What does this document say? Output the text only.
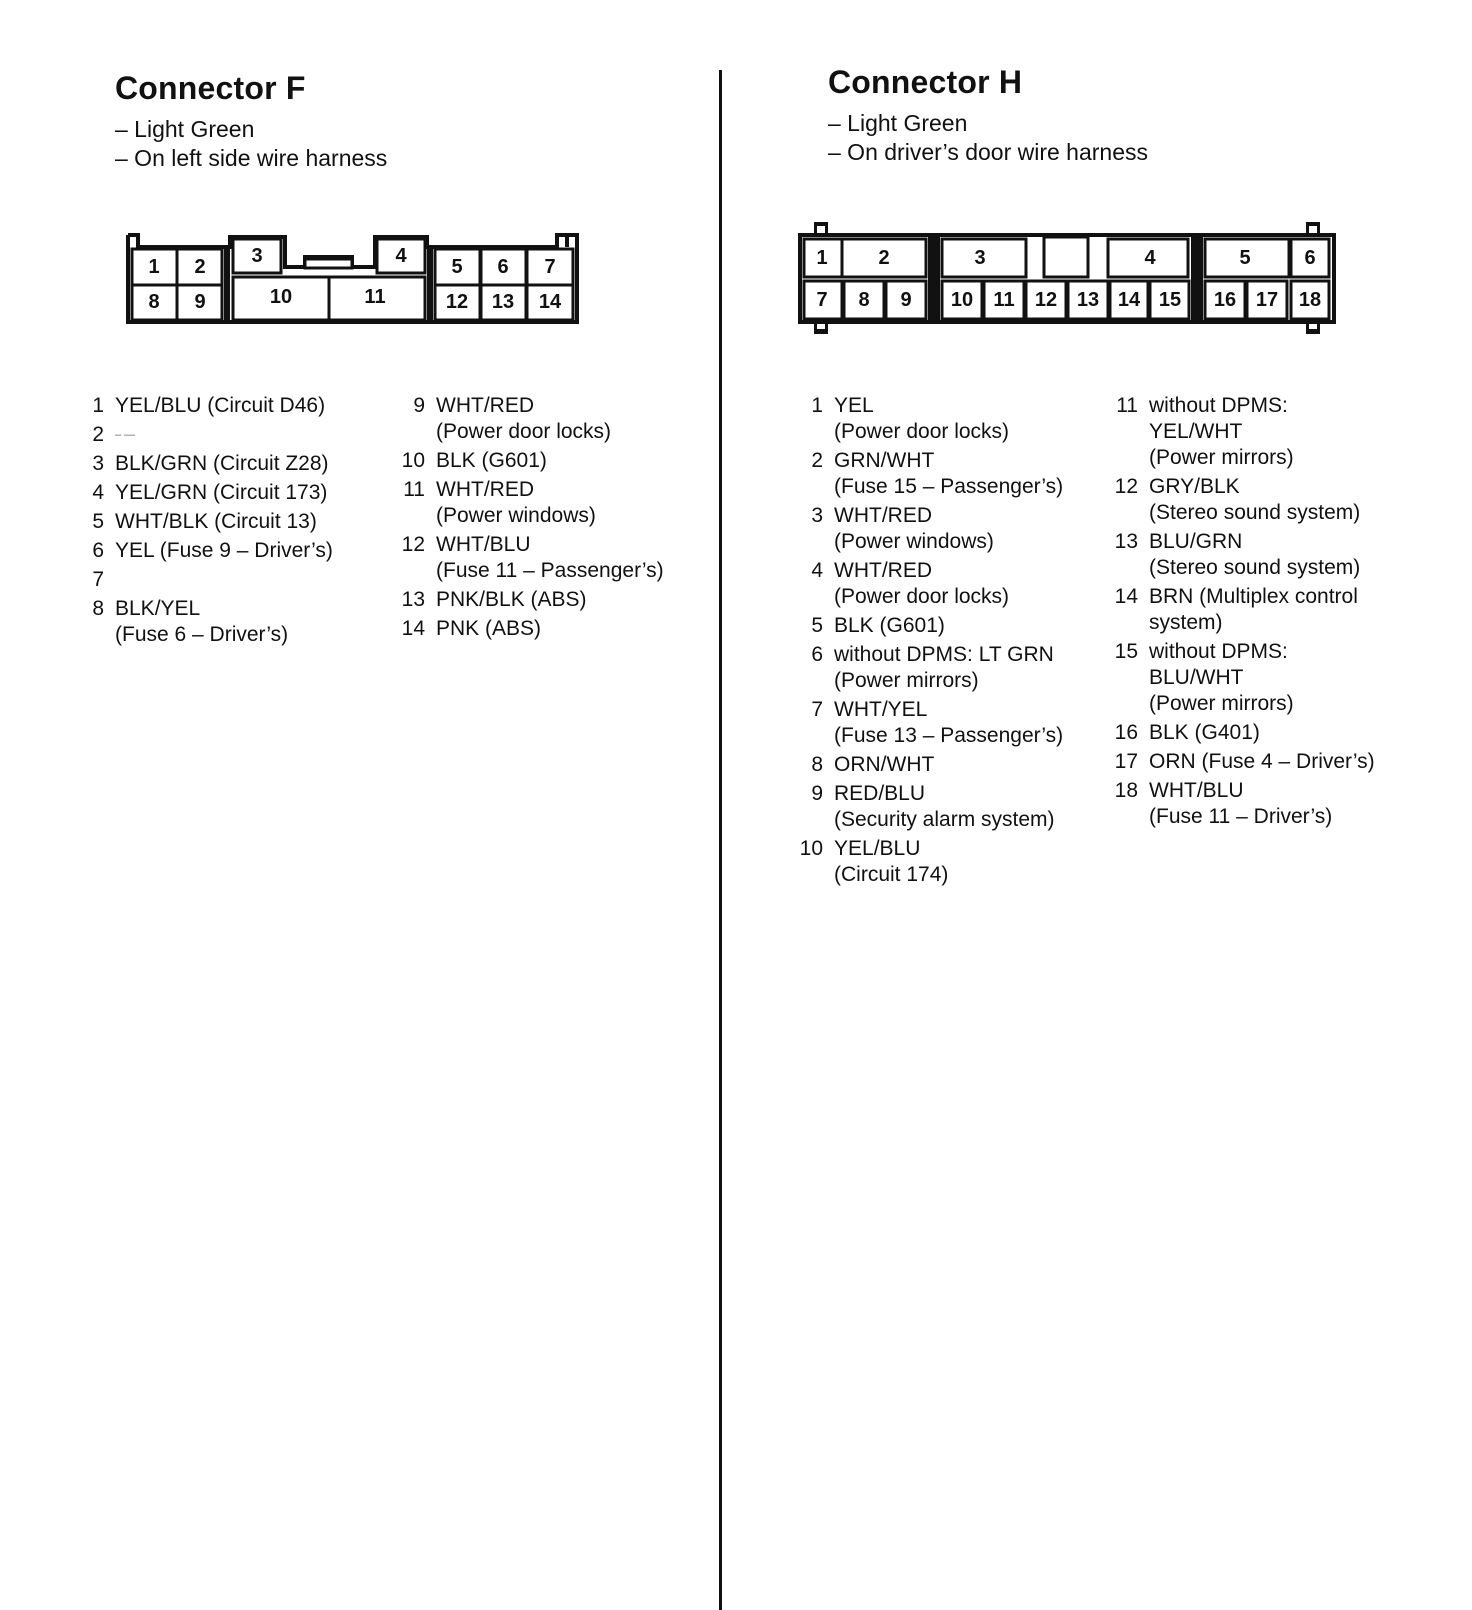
Connector F
– Light Green
– On left side wire harness
1 2 3	4 5 6 7
8 9	10	11	12 13 14
1 YEL/BLU (Circuit D46)
2	– —
3 BLK/GRN (Circuit Z28)
4 YEL/GRN (Circuit 173)
5 WHT/BLK (Circuit 13)
6 YEL (Fuse 9 – Driver’s)
7
8 BLK/YEL
(Fuse 6 – Driver’s)
9 WHT/RED
(Power door locks)
10 BLK (G601)
11 WHT/RED
(Power windows)
12 WHT/BLU
(Fuse 11 – Passenger’s)
13 PNK/BLK (ABS)
14 PNK (ABS)
Connector H
– Light Green
– On driver’s door wire harness
1	2	3	4	5	6
7 8 9 10 11 12 13 14 15 16 17 18
1 YEL
(Power door locks)
2 GRN/WHT
(Fuse 15 – Passenger’s)
3 WHT/RED
(Power windows)
4 WHT/RED
(Power door locks)
5 BLK (G601)
6 without DPMS: LT GRN
(Power mirrors)
7 WHT/YEL
(Fuse 13 – Passenger’s)
8 ORN/WHT
9 RED/BLU
(Security alarm system)
10 YEL/BLU
(Circuit 174)
11 without DPMS:
YEL/WHT
(Power mirrors)
12 GRY/BLK
(Stereo sound system)
13 BLU/GRN
(Stereo sound system)
14 BRN (Multiplex control
system)
15 without DPMS:
BLU/WHT
(Power mirrors)
16 BLK (G401)
17 ORN (Fuse 4 – Driver’s)
18 WHT/BLU
(Fuse 11 – Driver’s)
